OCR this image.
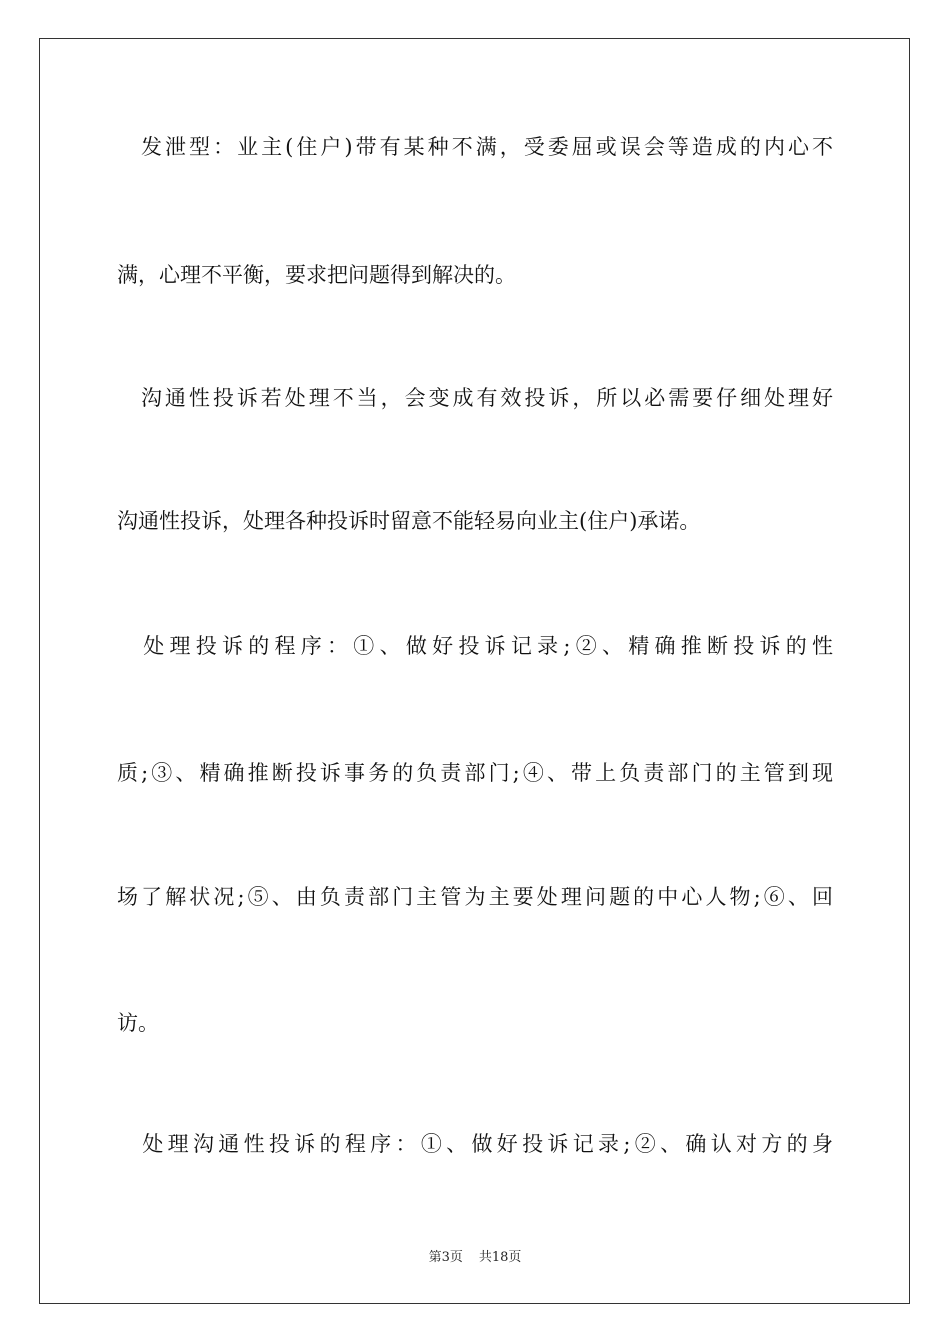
　发泄型：业主(住户)带有某种不满，受委屈或误会等造成的内心不
满，心理不平衡，要求把问题得到解决的。
　沟通性投诉若处理不当，会变成有效投诉，所以必需要仔细处理好
沟通性投诉，处理各种投诉时留意不能轻易向业主(住户)承诺。
　处理投诉的程序：①、做好投诉记录;②、精确推断投诉的性
质;③、精确推断投诉事务的负责部门;④、带上负责部门的主管到现
场了解状况;⑤、由负责部门主管为主要处理问题的中心人物;⑥、回
访。
　处理沟通性投诉的程序：①、做好投诉记录;②、确认对方的身
第3页 共18页
